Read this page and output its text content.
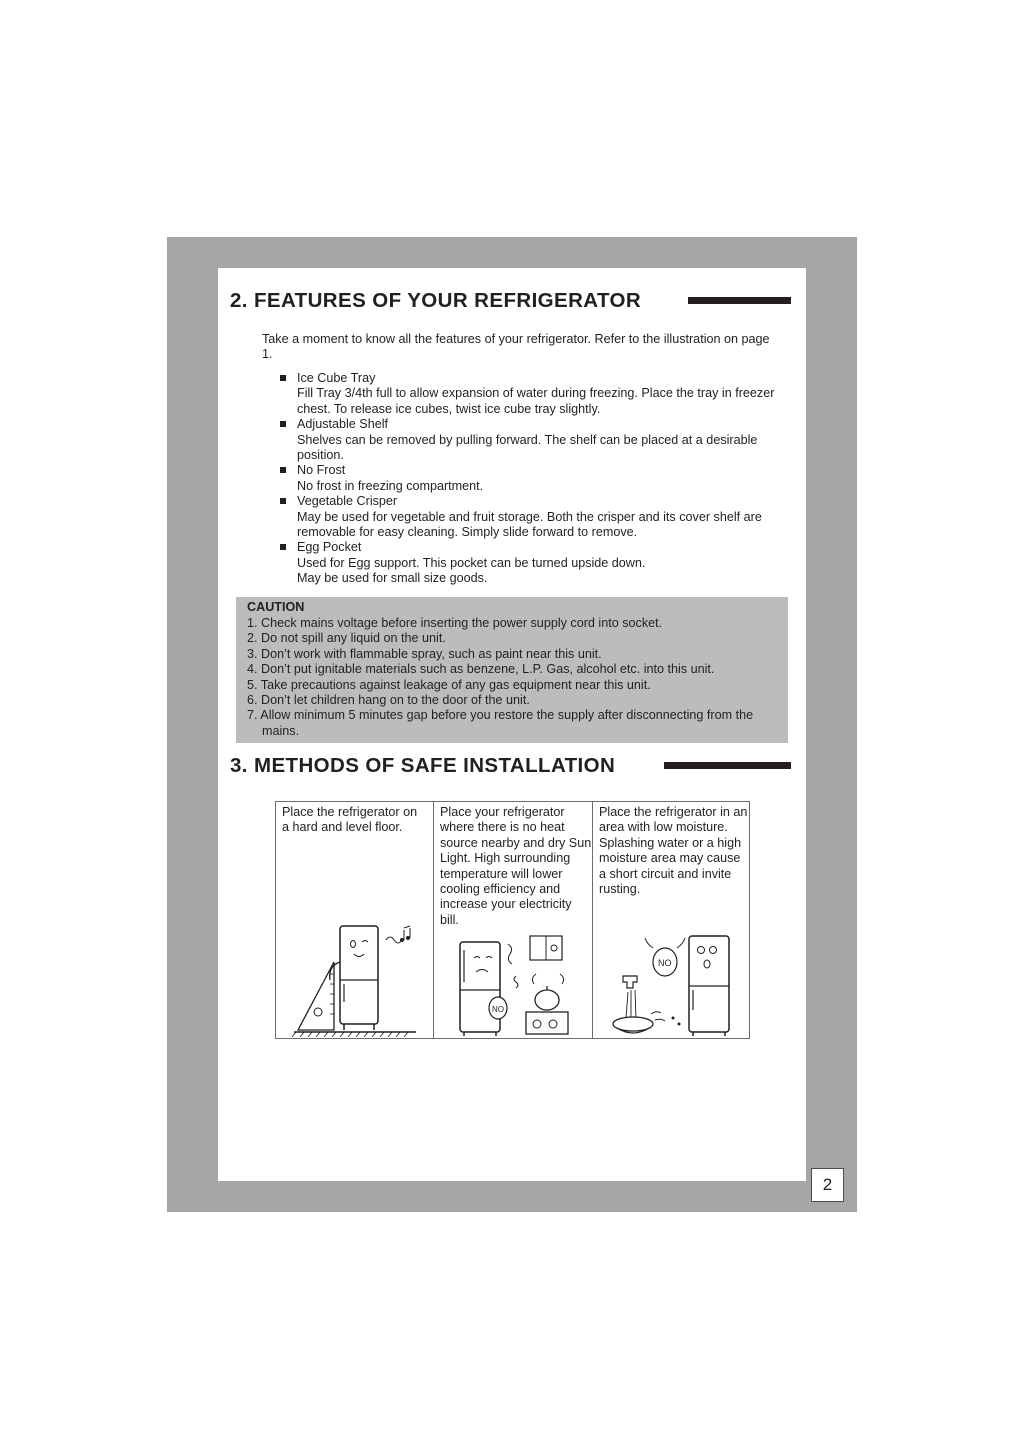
2. FEATURES OF YOUR REFRIGERATOR

Take a moment to know all the features of your refrigerator. Refer to the illustration on page 1.

Ice Cube Tray
Fill Tray 3/4th full to allow expansion of water during freezing. Place the tray in freezer chest. To release ice cubes, twist ice cube tray slightly.
Adjustable Shelf
Shelves can be removed by pulling forward. The shelf can be placed at a desirable position.
No Frost
No frost in freezing compartment.
Vegetable Crisper
May be used for vegetable and fruit storage. Both the crisper and its cover shelf are removable for easy cleaning. Simply slide forward to remove.
Egg Pocket
Used for Egg support. This pocket can be turned upside down.
May be used for small size goods.
CAUTION
1. Check mains voltage before inserting the power supply cord into socket.
2. Do not spill any liquid on the unit.
3. Don’t work with flammable spray, such as paint near this unit.
4. Don’t put ignitable materials such as benzene, L.P. Gas, alcohol etc. into this unit.
5. Take precautions against leakage of any gas equipment near this unit.
6. Don’t let children hang on to the door of the unit.
7. Allow minimum 5 minutes gap before you restore the supply after disconnecting from the mains.
3. METHODS OF SAFE INSTALLATION
Place the refrigerator on a hard and level floor.
Place your refrigerator where there is no heat source nearby and dry Sun Light. High surrounding temperature will lower cooling efficiency and increase your electricity bill.
NO
Place the refrigerator in an area with low moisture. Splashing water or a high moisture area may cause a short circuit and invite rusting.
NO
2
